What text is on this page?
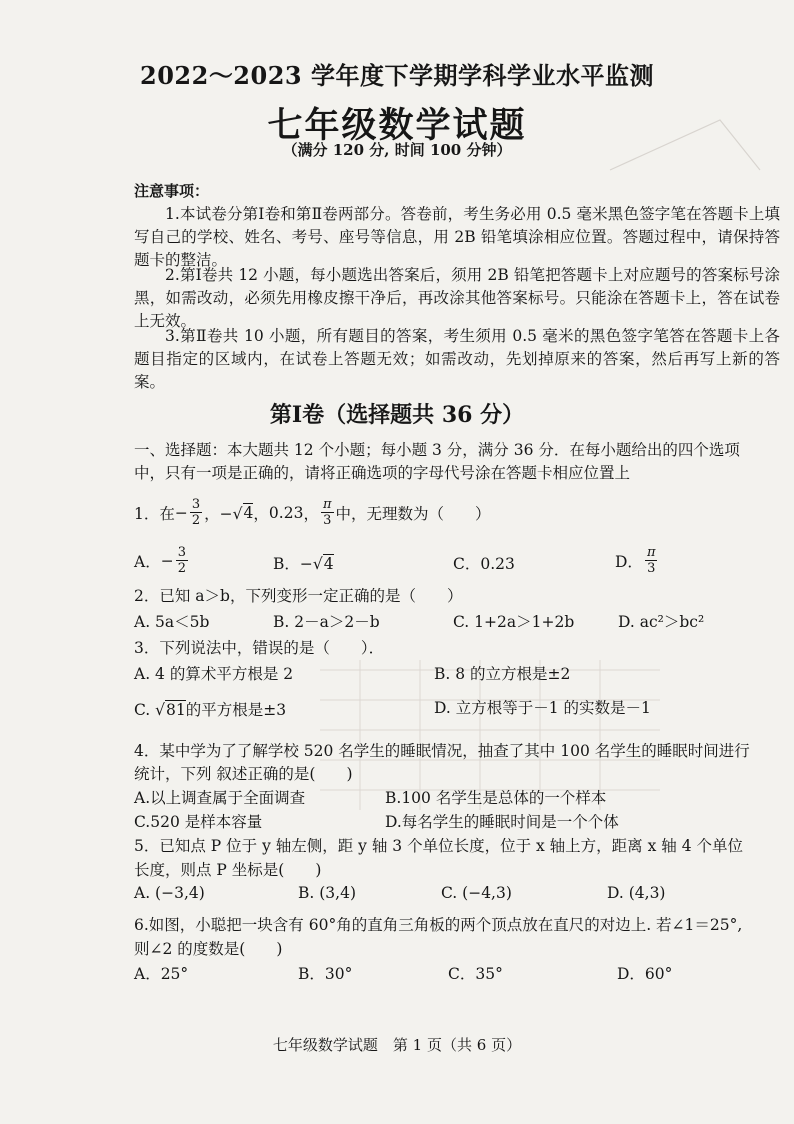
2022～2023 学年度下学期学科学业水平监测
七年级数学试题
（满分 120 分, 时间 100 分钟）
注意事项：
1.本试卷分第Ⅰ卷和第Ⅱ卷两部分。答卷前，考生务必用 0.5 毫米黑色签字笔在答题卡上填写自己的学校、姓名、考号、座号等信息，用 2B 铅笔填涂相应位置。答题过程中，请保持答题卡的整洁。
2.第Ⅰ卷共 12 小题，每小题选出答案后，须用 2B 铅笔把答题卡上对应题号的答案标号涂黑，如需改动，必须先用橡皮擦干净后，再改涂其他答案标号。只能涂在答题卡上，答在试卷上无效。
3.第Ⅱ卷共 10 小题，所有题目的答案，考生须用 0.5 毫米的黑色签字笔答在答题卡上各题目指定的区域内，在试卷上答题无效；如需改动，先划掉原来的答案，然后再写上新的答案。
第Ⅰ卷（选择题共 36 分）
一、选择题：本大题共 12 个小题；每小题 3 分，满分 36 分．在每小题给出的四个选项
中，只有一项是正确的，请将正确选项的字母代号涂在答题卡相应位置上
1．在 − $\frac{3}{2}$ ，−√ 4 ， 0.23 ， $\frac{\pi}{3}$ 中，无理数为（　　）
A． − $\frac{3}{2}$	B．−√4	C．0.23	D． $\frac{\pi}{3}$
2．已知 a＞b，下列变形一定正确的是（　　）
A. 5a＜5b	B. 2－a＞2－b	C. 1+2a＞1+2b	D. ac²＞bc²
3．下列说法中，错误的是（　　）．
A. 4 的算术平方根是 2	B. 8 的立方根是±2
C. √81的平方根是±3	D. 立方根等于－1 的实数是－1
4．某中学为了了解学校 520 名学生的睡眠情况，抽查了其中 100 名学生的睡眠时间进行
统计，下列 叙述正确的是(　　)
A.以上调查属于全面调查	B.100 名学生是总体的一个样本
C.520 是样本容量	D.每名学生的睡眠时间是一个个体
5．已知点 P 位于 y 轴左侧，距 y 轴 3 个单位长度，位于 x 轴上方，距离 x 轴 4 个单位
长度，则点 P 坐标是(　　)
A. (−3,4)	B. (3,4)	C. (−4,3)	D. (4,3)
6.如图，小聪把一块含有 60°角的直角三角板的两个顶点放在直尺的对边上. 若∠1＝25°,
则∠2 的度数是(　　)
A．25°	B．30°	C．35°	D．60°
七年级数学试题　第 1 页（共 6 页）
